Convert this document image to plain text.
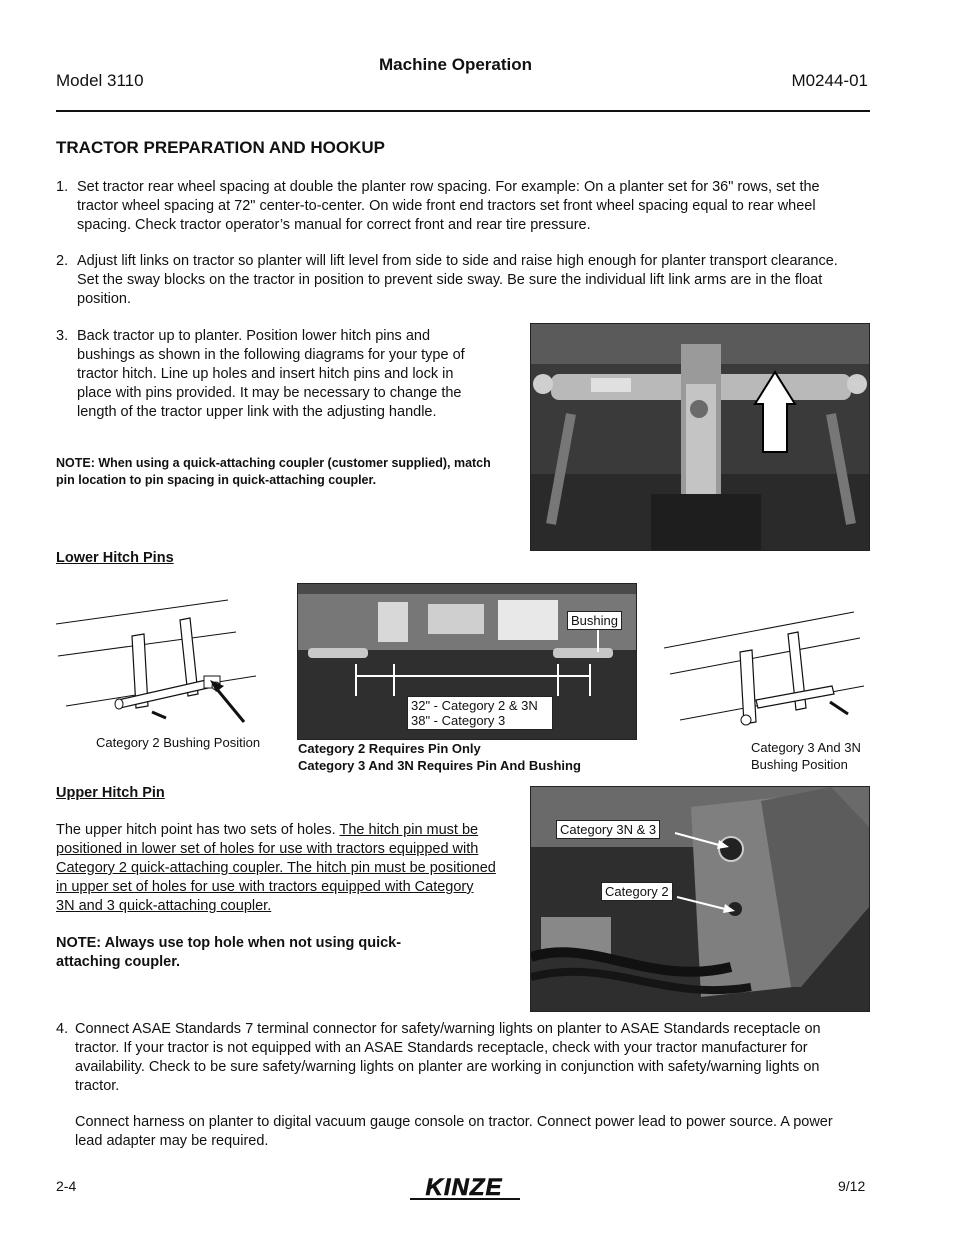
Model 3110
Machine Operation
M0244-01
TRACTOR PREPARATION AND HOOKUP
1. Set tractor rear wheel spacing at double the planter row spacing. For example: On a planter set for 36" rows, set the tractor wheel spacing at 72" center-to-center. On wide front end tractors set front wheel spacing equal to rear wheel spacing. Check tractor operator’s manual for correct front and rear tire pressure.
2. Adjust lift links on tractor so planter will lift level from side to side and raise high enough for planter transport clearance. Set the sway blocks on the tractor in position to prevent side sway. Be sure the individual lift link arms are in the float position.
3. Back tractor up to planter. Position lower hitch pins and bushings as shown in the following diagrams for your type of tractor hitch. Line up holes and insert hitch pins and lock in place with pins provided. It may be necessary to change the length of the tractor upper link with the adjusting handle.
NOTE: When using a quick-attaching coupler (customer supplied), match pin location to pin spacing in quick-attaching coupler.
Lower Hitch Pins
Category 2 Bushing Position
Bushing
32" - Category 2 & 3N
38" - Category 3
Category 2 Requires Pin Only
Category 3 And 3N Requires Pin And Bushing
Category 3 And 3N
Bushing Position
Upper Hitch Pin
The upper hitch point has two sets of holes. The hitch pin must be positioned in lower set of holes for use with tractors equipped with Category 2 quick-attaching coupler. The hitch pin must be positioned in upper set of holes for use with tractors equipped with Category 3N and 3 quick-attaching coupler.
NOTE: Always use top hole when not using quick-attaching coupler.
Category 3N & 3
Category 2
4. Connect ASAE Standards 7 terminal connector for safety/warning lights on planter to ASAE Standards receptacle on tractor. If your tractor is not equipped with an ASAE Standards receptacle, check with your tractor manufacturer for availability. Check to be sure safety/warning lights on planter are working in conjunction with safety/warning lights on tractor.
Connect harness on planter to digital vacuum gauge console on tractor. Connect power lead to power source. A power lead adapter may be required.
2-4	KINZE	9/12
